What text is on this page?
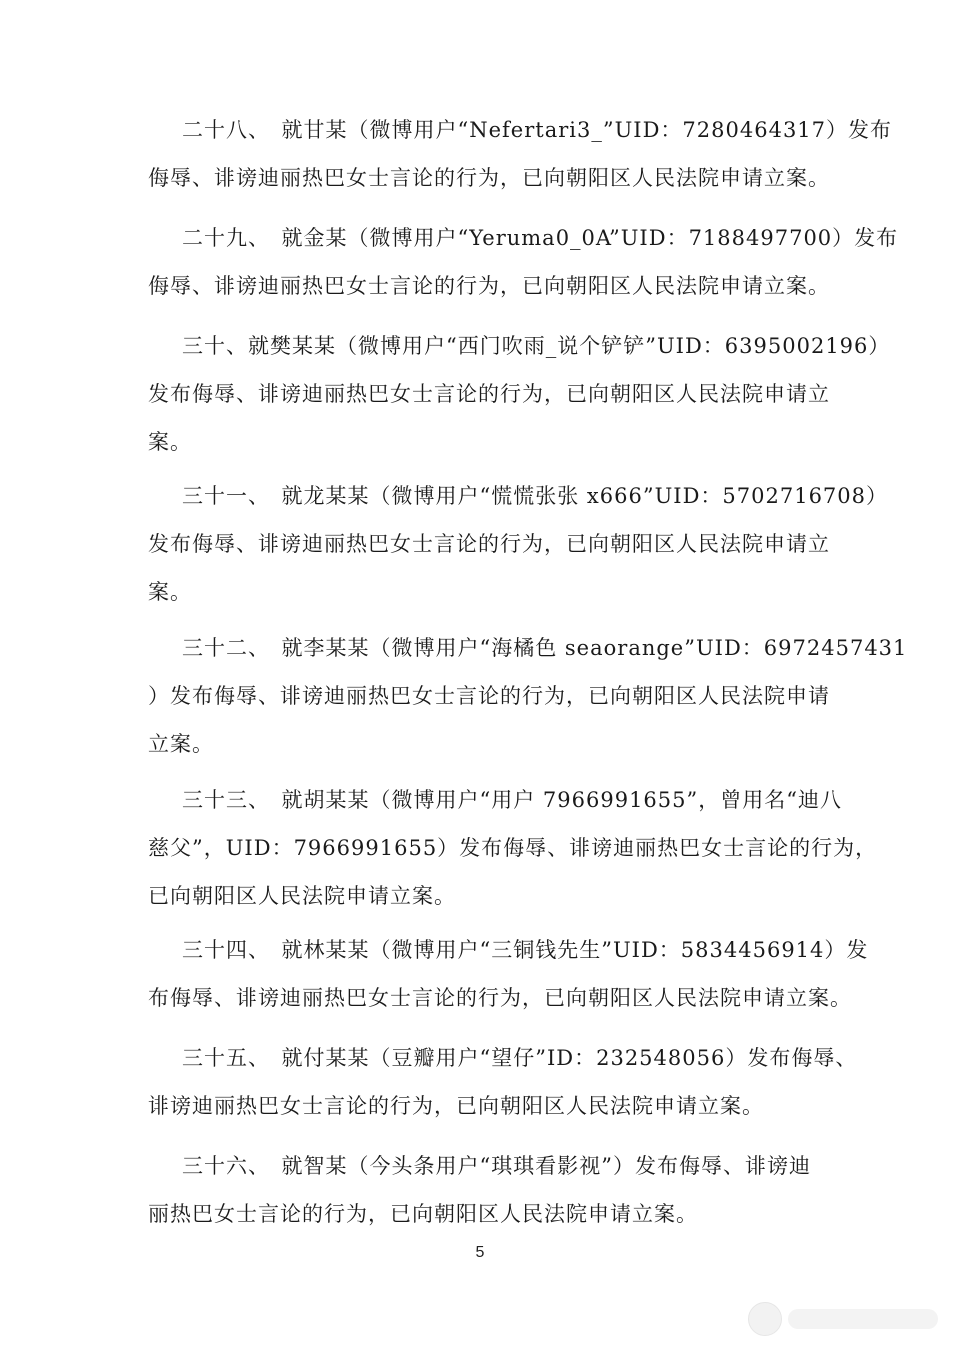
二十八、　就甘某（微博用户“Nefertari3_”UID：7280464317）发布
侮辱、诽谤迪丽热巴女士言论的行为，已向朝阳区人民法院申请立案。
二十九、　就金某（微博用户“Yeruma0_0A”UID：7188497700）发布
侮辱、诽谤迪丽热巴女士言论的行为，已向朝阳区人民法院申请立案。
三十、就樊某某（微博用户“西门吹雨_说个铲铲”UID：6395002196）
发布侮辱、诽谤迪丽热巴女士言论的行为，已向朝阳区人民法院申请立
案。
三十一、　就龙某某（微博用户“慌慌张张 x666”UID：5702716708）
发布侮辱、诽谤迪丽热巴女士言论的行为，已向朝阳区人民法院申请立
案。
三十二、　就李某某（微博用户“海橘色 seaorange”UID：6972457431
）发布侮辱、诽谤迪丽热巴女士言论的行为，已向朝阳区人民法院申请
立案。
三十三、　就胡某某（微博用户“用户 7966991655”，曾用名“迪八
慈父”，UID：7966991655）发布侮辱、诽谤迪丽热巴女士言论的行为，
已向朝阳区人民法院申请立案。
三十四、　就林某某（微博用户“三铜钱先生”UID：5834456914）发
布侮辱、诽谤迪丽热巴女士言论的行为，已向朝阳区人民法院申请立案。
三十五、　就付某某（豆瓣用户“望仔”ID：232548056）发布侮辱、
诽谤迪丽热巴女士言论的行为，已向朝阳区人民法院申请立案。
三十六、　就智某（今头条用户“琪琪看影视”）发布侮辱、诽谤迪
丽热巴女士言论的行为，已向朝阳区人民法院申请立案。
5
